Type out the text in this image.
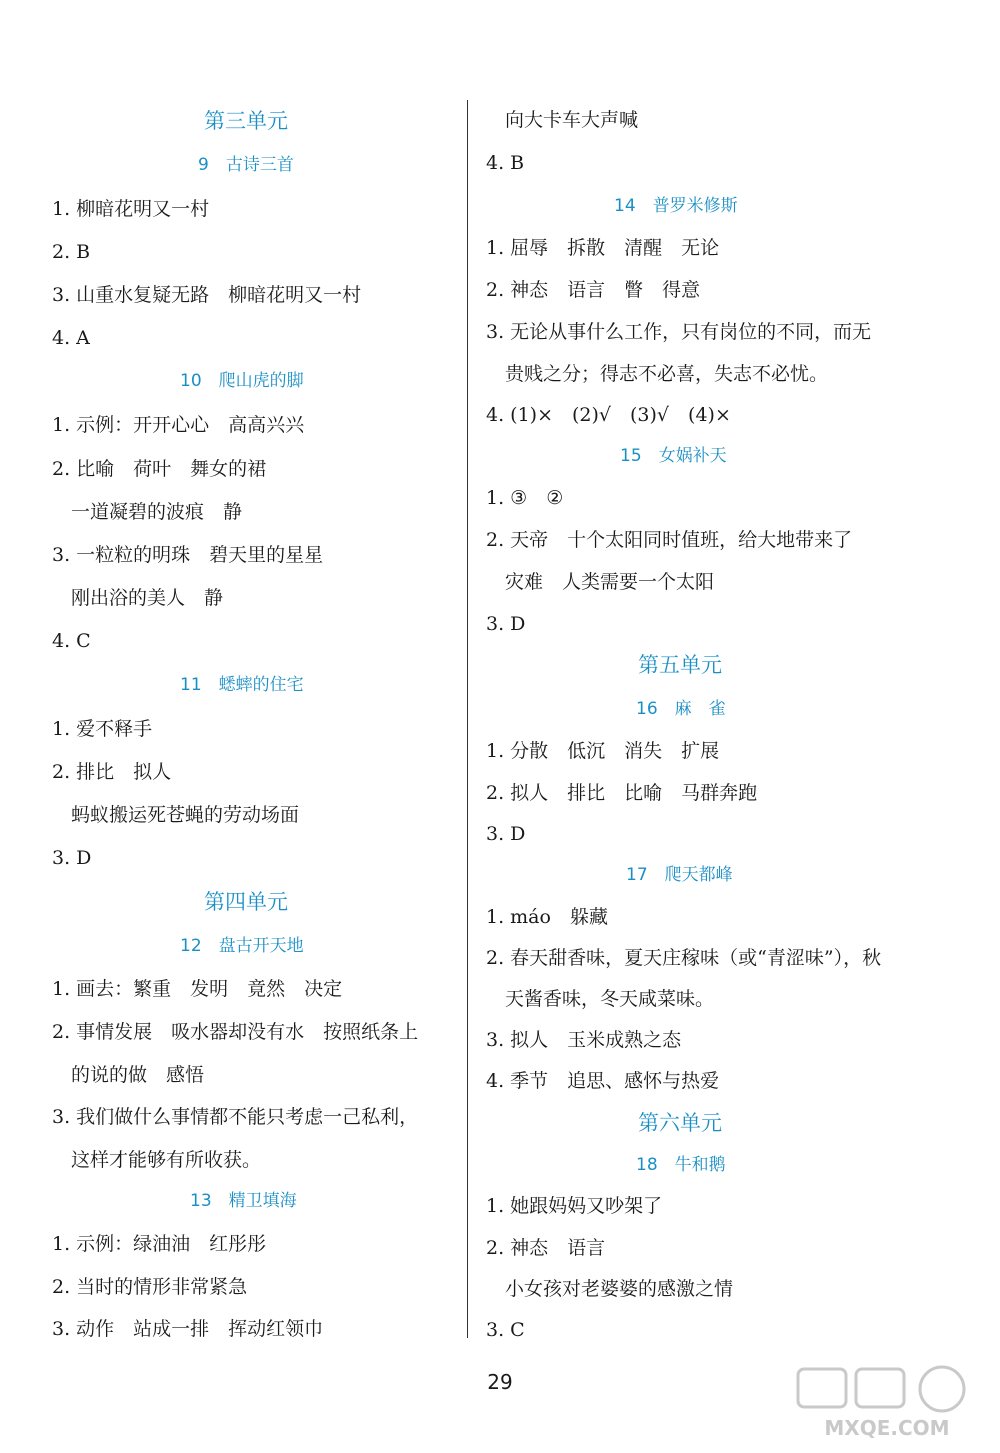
第三单元
9　古诗三首
1. 柳暗花明又一村
2. B
3. 山重水复疑无路　柳暗花明又一村
4. A
10　爬山虎的脚
1. 示例：开开心心　高高兴兴
2. 比喻　荷叶　舞女的裙
　一道凝碧的波痕　静
3. 一粒粒的明珠　碧天里的星星
　刚出浴的美人　静
4. C
11　蟋蟀的住宅
1. 爱不释手
2. 排比　拟人
　蚂蚁搬运死苍蝇的劳动场面
3. D
第四单元
12　盘古开天地
1. 画去：繁重　发明　竟然　决定
2. 事情发展　吸水器却没有水　按照纸条上
　的说的做　感悟
3. 我们做什么事情都不能只考虑一己私利，
　这样才能够有所收获。
13　精卫填海
1. 示例：绿油油　红彤彤
2. 当时的情形非常紧急
3. 动作　站成一排　挥动红领巾
　向大卡车大声喊
4. B
14　普罗米修斯
1. 屈辱　拆散　清醒　无论
2. 神态　语言　瞥　得意
3. 无论从事什么工作，只有岗位的不同，而无
　贵贱之分；得志不必喜，失志不必忧。
4. (1)×　(2)√　(3)√　(4)×
15　女娲补天
1. ③　②
2. 天帝　十个太阳同时值班，给大地带来了
　灾难　人类需要一个太阳
3. D
第五单元
16　麻　雀
1. 分散　低沉　消失　扩展
2. 拟人　排比　比喻　马群奔跑
3. D
17　爬天都峰
1. máo　躲藏
2. 春天甜香味，夏天庄稼味（或“青涩味”），秋
　天酱香味，冬天咸菜味。
3. 拟人　玉米成熟之态
4. 季节　追思、感怀与热爱
第六单元
18　牛和鹅
1. 她跟妈妈又吵架了
2. 神态　语言
　小女孩对老婆婆的感激之情
3. C
29
MXQE.COM
